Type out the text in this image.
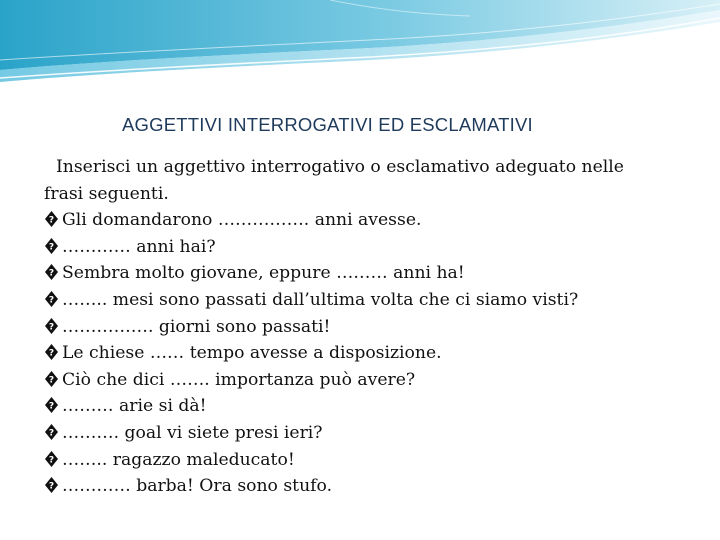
AGGETTIVI INTERROGATIVI ED ESCLAMATIVI
Inserisci un aggettivo interrogativo o esclamativo adeguato nelle
frasi seguenti.
? Gli domandarono ……………. anni avesse.
? ………… anni hai?
? Sembra molto giovane, eppure ……… anni ha!
? …….. mesi sono passati dall’ultima volta che ci siamo visti?
? ……………. giorni sono passati!
? Le chiese …… tempo avesse a disposizione.
? Ciò che dici ……. importanza può avere?
? ……… arie si dà!
? ………. goal vi siete presi ieri?
? …….. ragazzo maleducato!
? ………… barba! Ora sono stufo.
